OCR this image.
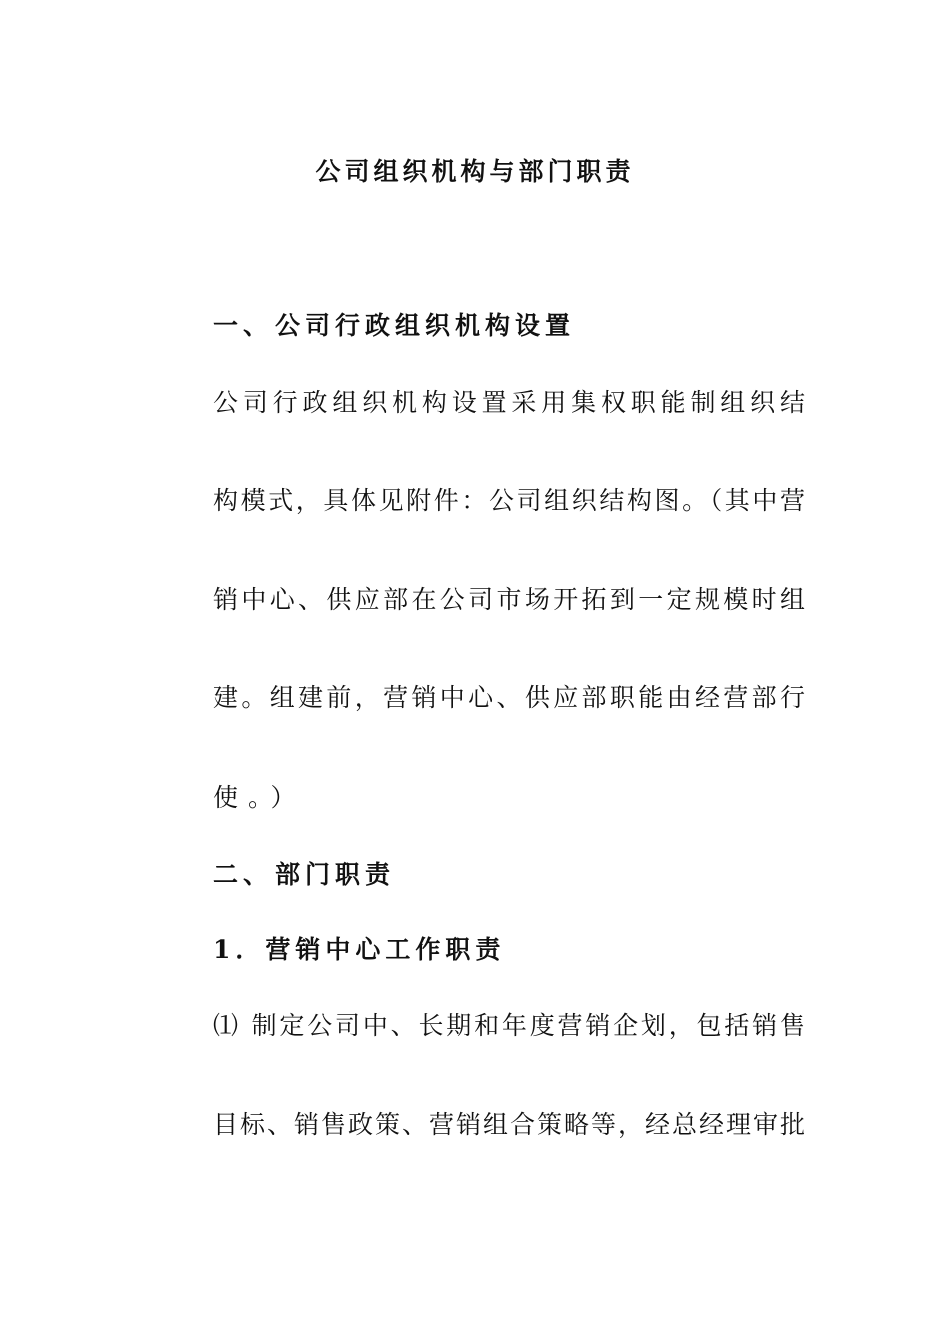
公司组织机构与部门职责
一、公司行政组织机构设置
公司行政组织机构设置采用集权职能制组织结
构模式，具体见附件：公司组织结构图。（其中营
销中心、供应部在公司市场开拓到一定规模时组
建。组建前，营销中心、供应部职能由经营部行
使。）
二、部门职责
1．营销中心工作职责
⑴ 制定公司中、长期和年度营销企划，包括销售
目标、销售政策、营销组合策略等，经总经理审批
